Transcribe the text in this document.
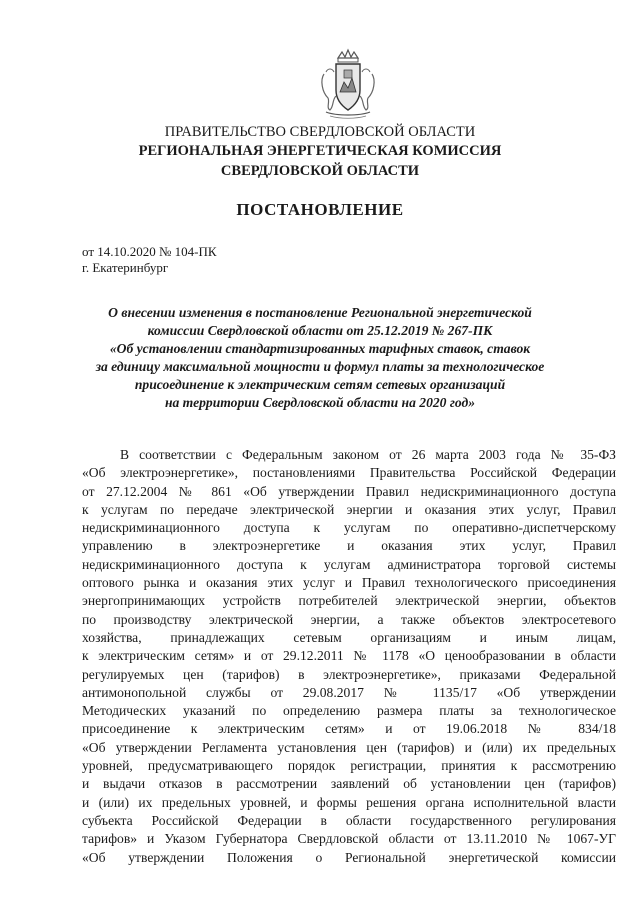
ПРАВИТЕЛЬСТВО СВЕРДЛОВСКОЙ ОБЛАСТИ
РЕГИОНАЛЬНАЯ ЭНЕРГЕТИЧЕСКАЯ КОМИССИЯ
СВЕРДЛОВСКОЙ ОБЛАСТИ
ПОСТАНОВЛЕНИЕ
от 14.10.2020 № 104-ПК
г. Екатеринбург
О внесении изменения в постановление Региональной энергетической
комиссии Свердловской области от 25.12.2019 № 267-ПК
«Об установлении стандартизированных тарифных ставок, ставок
за единицу максимальной мощности и формул платы за технологическое
присоединение к электрическим сетям сетевых организаций
на территории Свердловской области на 2020 год»
В соответствии с Федеральным законом от 26 марта 2003 года № 35-ФЗ
«Об электроэнергетике», постановлениями Правительства Российской Федерации
от 27.12.2004 № 861 «Об утверждении Правил недискриминационного доступа
к услугам по передаче электрической энергии и оказания этих услуг, Правил
недискриминационного доступа к услугам по оперативно-диспетчерскому
управлению в электроэнергетике и оказания этих услуг, Правил
недискриминационного доступа к услугам администратора торговой системы
оптового рынка и оказания этих услуг и Правил технологического присоединения
энергопринимающих устройств потребителей электрической энергии, объектов
по производству электрической энергии, а также объектов электросетевого
хозяйства, принадлежащих сетевым организациям и иным лицам,
к электрическим сетям» и от 29.12.2011 № 1178 «О ценообразовании в области
регулируемых цен (тарифов) в электроэнергетике», приказами Федеральной
антимонопольной службы от 29.08.2017 № 1135/17 «Об утверждении
Методических указаний по определению размера платы за технологическое
присоединение к электрическим сетям» и от 19.06.2018 № 834/18
«Об утверждении Регламента установления цен (тарифов) и (или) их предельных
уровней, предусматривающего порядок регистрации, принятия к рассмотрению
и выдачи отказов в рассмотрении заявлений об установлении цен (тарифов)
и (или) их предельных уровней, и формы решения органа исполнительной власти
субъекта Российской Федерации в области государственного регулирования
тарифов» и Указом Губернатора Свердловской области от 13.11.2010 № 1067-УГ
«Об утверждении Положения о Региональной энергетической комиссии
